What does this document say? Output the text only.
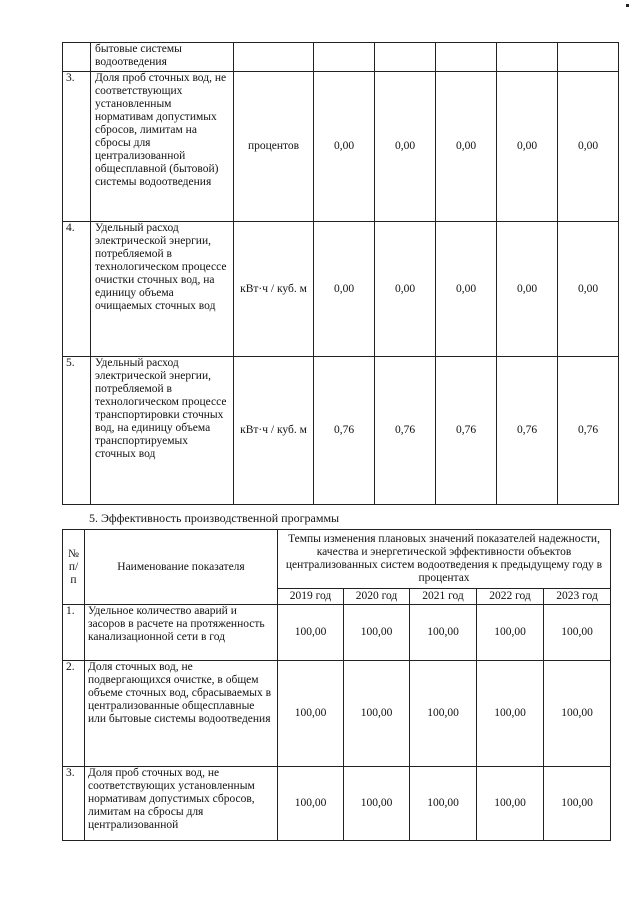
	бытовые системы водоотведения						
3.	Доля проб сточных вод, не соответствующих установленным нормативам допустимых сбросов, лимитам на сбросы для централизованной общесплавной (бытовой) системы водоотведения	процентов	0,00	0,00	0,00	0,00	0,00
4.	Удельный расход электрической энергии, потребляемой в технологическом процессе очистки сточных вод, на единицу объема очищаемых сточных вод	кВт·ч / куб. м	0,00	0,00	0,00	0,00	0,00
5.	Удельный расход электрической энергии, потребляемой в технологическом процессе транспортировки сточных вод, на единицу объема транспортируемых сточных вод	кВт·ч / куб. м	0,76	0,76	0,76	0,76	0,76
5. Эффективность производственной программы
№ п/ п	Наименование показателя	Темпы изменения плановых значений показателей надежности, качества и энергетической эффективности объектов централизованных систем водоотведения к предыдущему году в процентах				
		2019 год	2020 год	2021 год	2022 год	2023 год
1.	Удельное количество аварий и засоров в расчете на протяженность канализационной сети в год	100,00	100,00	100,00	100,00	100,00
2.	Доля сточных вод, не подвергающихся очистке, в общем объеме сточных вод, сбрасываемых в централизованные общесплавные или бытовые системы водоотведения	100,00	100,00	100,00	100,00	100,00
3.	Доля проб сточных вод, не соответствующих установленным нормативам допустимых сбросов, лимитам на сбросы для централизованной	100,00	100,00	100,00	100,00	100,00
